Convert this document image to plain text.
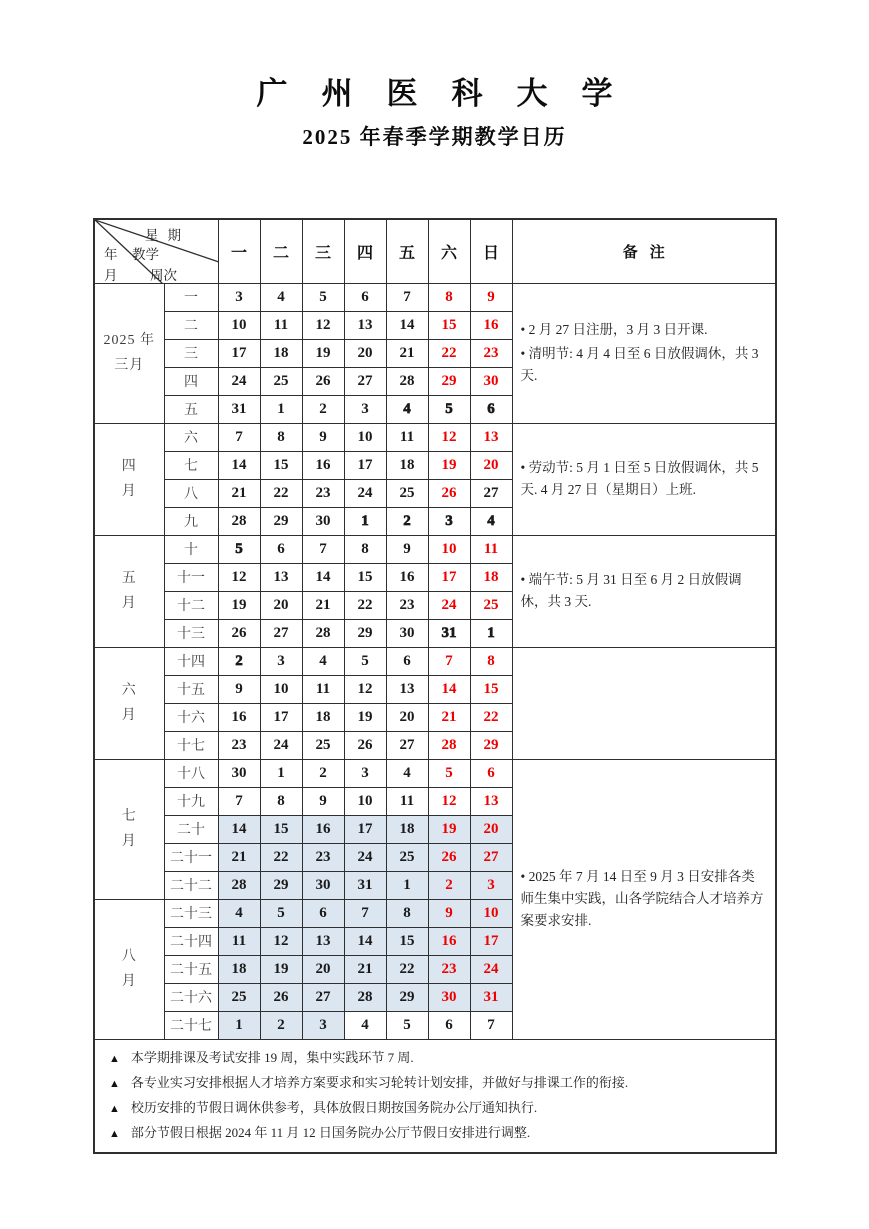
广州医科大学
2025 年春季学期教学日历
星期
年 教学
月 周次		一	二	三	四	五	六	日	备注

2025 年
三月
	一	3	4	5	6	7	8	9	
• 2 月 27 日注册，3 月 3 日开课.
• 清明节: 4 月 4 日至 6 日放假调休，共 3 天.

	二	10	11	12	13	14	15	16	
	三	17	18	19	20	21	22	23	
	四	24	25	26	27	28	29	30	
	五	31	1	2	3	4	5	6	

四
月	六	7	8	9	10	11	12	13	• 劳动节: 5 月 1 日至 5 日放假调休，共 5 天. 4 月 27 日（星期日）上班.

	七	14	15	16	17	18	19	20	
	八	21	22	23	24	25	26	27	
	九	28	29	30	1	2	3	4	

五
月	十	5	6	7	8	9	10	11	• 端午节: 5 月 31 日至 6 月 2 日放假调休，共 3 天.

	十一	12	13	14	15	16	17	18	
	十二	19	20	21	22	23	24	25	
	十三	26	27	28	29	30	31	1	

六
月	十四	2	3	4	5	6	7	8	
	十五	9	10	11	12	13	14	15	
	十六	16	17	18	19	20	21	22	
	十七	23	24	25	26	27	28	29	

七
月	十八	30	1	2	3	4	5	6	• 2025 年 7 月 14 日至 9 月 3 日安排各类师生集中实践，山各学院结合人才培养方案要求安排.

	十九	7	8	9	10	11	12	13	
	二十	14	15	16	17	18	19	20	
	二十一	21	22	23	24	25	26	27	
	二十二	28	29	30	31	1	2	3	

八
月	二十三	4	5	6	7	8	9	10	
	二十四	11	12	13	14	15	16	17	
	二十五	18	19	20	21	22	23	24	
	二十六	25	26	27	28	29	30	31	
	二十七	1	2	3	4	5	6	7	

▲ 本学期排课及考试安排 19 周，集中实践环节 7 周.
▲ 各专业实习安排根据人才培养方案要求和实习轮转计划安排，并做好与排课工作的衔接.
▲ 校历安排的节假日调休供参考，具体放假日期按国务院办公厅通知执行.
▲ 部分节假日根据 2024 年 11 月 12 日国务院办公厅节假日安排进行调整.									
